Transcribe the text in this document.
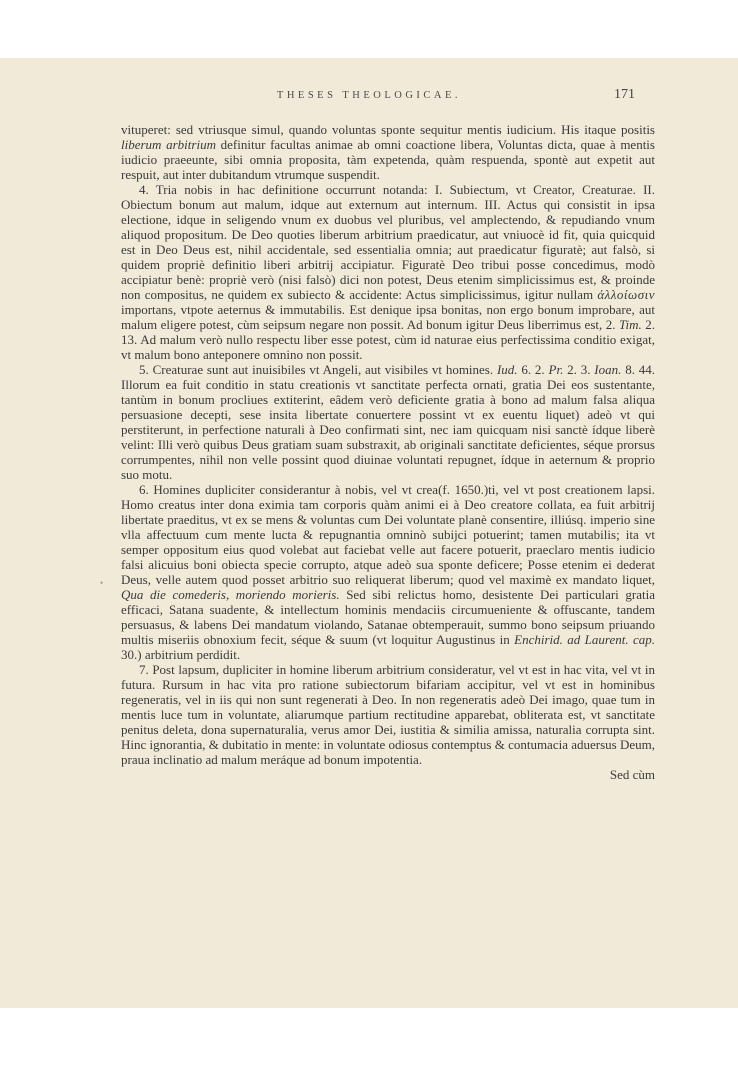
THESES THEOLOGICAE.	171
•

vituperet: sed vtriusque simul, quando voluntas sponte sequitur mentis iudicium. His itaque positis liberum arbitrium definitur facultas animae ab omni coactione libera, Voluntas dicta, quae à mentis iudicio praeeunte, sibi omnia proposita, tàm expetenda, quàm respuenda, spontè aut expetit aut respuit, aut inter dubitandum vtrumque suspendit.

4. Tria nobis in hac definitione occurrunt notanda: I. Subiectum, vt Creator, Creaturae. II. Obiectum bonum aut malum, idque aut externum aut internum. III. Actus qui consistit in ipsa electione, idque in seligendo vnum ex duobus vel pluribus, vel amplectendo, & repudiando vnum aliquod propositum. De Deo quoties liberum arbitrium praedicatur, aut vniuocè id fit, quia quicquid est in Deo Deus est, nihil accidentale, sed essentialia omnia; aut praedicatur figuratè; aut falsò, si quidem propriè definitio liberi arbitrij accipiatur. Figuratè Deo tribui posse concedimus, modò accipiatur benè: propriè verò (nisi falsò) dici non potest, Deus etenim simplicissimus est, & proinde non compositus, ne quidem ex subiecto & accidente: Actus simplicissimus, igitur nullam ἀλλοίωσιν importans, vtpote aeternus & immutabilis. Est denique ipsa bonitas, non ergo bonum improbare, aut malum eligere potest, cùm seipsum negare non possit. Ad bonum igitur Deus liberrimus est, 2. Tim. 2. 13. Ad malum verò nullo respectu liber esse potest, cùm id naturae eius perfectissima conditio exigat, vt malum bono anteponere omnino non possit.

5. Creaturae sunt aut inuisibiles vt Angeli, aut visibiles vt homines. Iud. 6. 2. Pr. 2. 3. Ioan. 8. 44. Illorum ea fuit conditio in statu creationis vt sanctitate perfecta ornati, gratia Dei eos sustentante, tantùm in bonum procliues extiterint, eâdem verò deficiente gratia à bono ad malum falsa aliqua persuasione decepti, sese insita libertate conuertere possint vt ex euentu liquet) adeò vt qui perstiterunt, in perfectione naturali à Deo confirmati sint, nec iam quicquam nisi sanctè ídque liberè velint: Illi verò quibus Deus gratiam suam substraxit, ab originali sanctitate deficientes, séque prorsus corrumpentes, nihil non velle possint quod diuinae voluntati repugnet, ídque in aeternum & proprio suo motu.

6. Homines dupliciter considerantur à nobis, vel vt crea(f. 1650.)ti, vel vt post creationem lapsi. Homo creatus inter dona eximia tam corporis quàm animi ei à Deo creatore collata, ea fuit arbitrij libertate praeditus, vt ex se mens & voluntas cum Dei voluntate planè consentire, illiúsq. imperio sine vlla affectuum cum mente lucta & repugnantia omninò subijci potuerint; tamen mutabilis; ita vt semper oppositum eius quod volebat aut faciebat velle aut facere potuerit, praeclaro mentis iudicio falsi alicuius boni obiecta specie corrupto, atque adeò sua sponte deficere; Posse etenim ei dederat Deus, velle autem quod posset arbitrio suo reliquerat liberum; quod vel maximè ex mandato liquet, Qua die comederis, moriendo morieris. Sed sibi relictus homo, desistente Dei particulari gratia efficaci, Satana suadente, & intellectum hominis mendaciis circumueniente & offuscante, tandem persuasus, & labens Dei mandatum violando, Satanae obtemperauit, summo bono seipsum priuando multis miseriis obnoxium fecit, séque & suum (vt loquitur Augustinus in Enchirid. ad Laurent. cap. 30.) arbitrium perdidit.

7. Post lapsum, dupliciter in homine liberum arbitrium consideratur, vel vt est in hac vita, vel vt in futura. Rursum in hac vita pro ratione subiectorum bifariam accipitur, vel vt est in hominibus regeneratis, vel in iis qui non sunt regenerati à Deo. In non regeneratis adeò Dei imago, quae tum in mentis luce tum in voluntate, aliarumque partium rectitudine apparebat, obliterata est, vt sanctitate penitus deleta, dona supernaturalia, verus amor Dei, iustitia & similia amissa, naturalia corrupta sint. Hinc ignorantia, & dubitatio in mente: in voluntate odiosus contemptus & contumacia aduersus Deum, praua inclinatio ad malum meráque ad bonum impotentia.

Sed cùm
